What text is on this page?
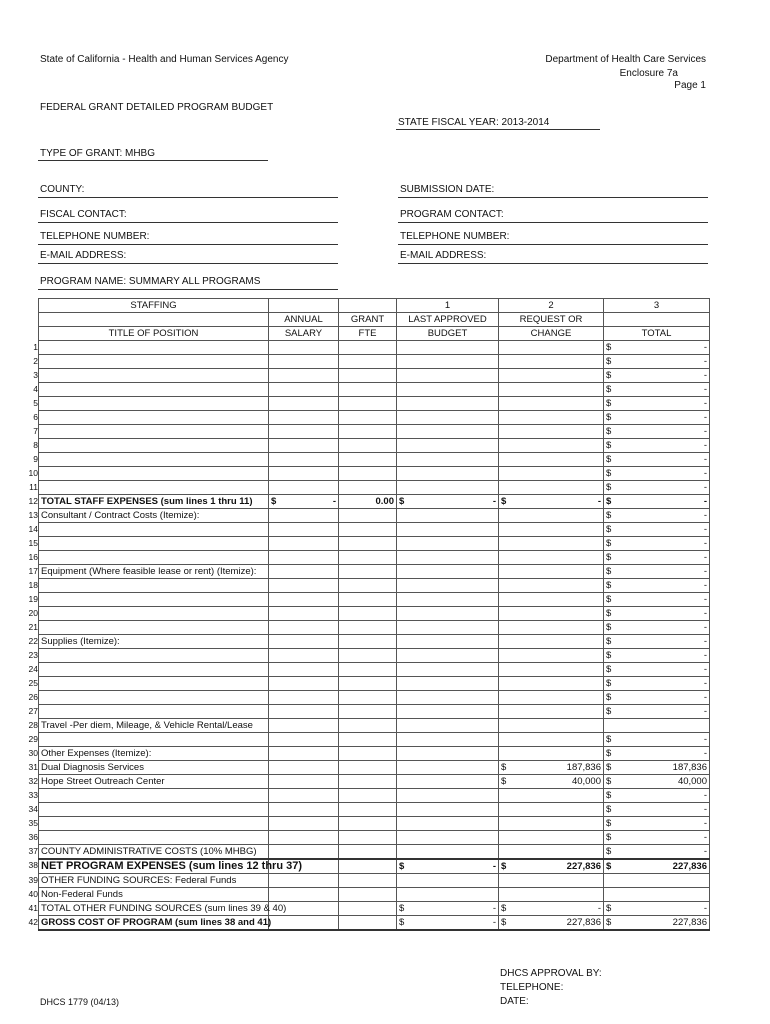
State of California - Health and Human Services Agency	Department of Health Care Services
Enclosure 7a
Page 1
FEDERAL GRANT DETAILED PROGRAM BUDGET
STATE FISCAL YEAR: 2013-2014
TYPE OF GRANT: MHBG
COUNTY:	SUBMISSION DATE:
FISCAL CONTACT:	PROGRAM CONTACT:
TELEPHONE NUMBER:	TELEPHONE NUMBER:
E-MAIL ADDRESS:	E-MAIL ADDRESS:
PROGRAM NAME: SUMMARY ALL PROGRAMS
1
2
3
4
5
6
7
8
9
10
11
12
13
14
15
16
17
18
19
20
21
22
23
24
25
26
27
28
29
30
31
32
33
34
35
36
37
38
39
40
41
42
STAFFING			1	2	3
	ANNUAL	GRANT	LAST APPROVED	REQUEST OR	
TITLE OF POSITION	SALARY	FTE	BUDGET	CHANGE	TOTAL

					$ -

					$ -

					$ -

					$ -

					$ -

					$ -

					$ -

					$ -

					$ -

					$ -

					$ -

TOTAL STAFF EXPENSES (sum lines 1 thru 11)	$ -	0.00	$ -	$ -	$ -

Consultant / Contract Costs (Itemize):					$ -

					$ -

					$ -

					$ -

Equipment (Where feasible lease or rent) (Itemize):					$ -

					$ -

					$ -

					$ -

					$ -

Supplies (Itemize):					$ -

					$ -

					$ -

					$ -

					$ -

					$ -

Travel -Per diem, Mileage, & Vehicle Rental/Lease					

					$ -

Other Expenses (Itemize):					$ -

Dual Diagnosis Services				$ 187,836	$ 187,836

Hope Street Outreach Center				$ 40,000	$ 40,000

					$ -

					$ -

					$ -

					$ -

COUNTY ADMINISTRATIVE COSTS (10% MHBG)					$ -

NET PROGRAM EXPENSES (sum lines 12 thru 37)			$ -	$ 227,836	$ 227,836

OTHER FUNDING SOURCES: Federal Funds					
Non-Federal Funds					
TOTAL OTHER FUNDING SOURCES (sum lines 39 & 40)			$ -	$ -	$ -

GROSS COST OF PROGRAM (sum lines 38 and 41)			$ -	$ 227,836	$ 227,836
DHCS 1779 (04/13)
DHCS APPROVAL BY:
TELEPHONE:
DATE:
